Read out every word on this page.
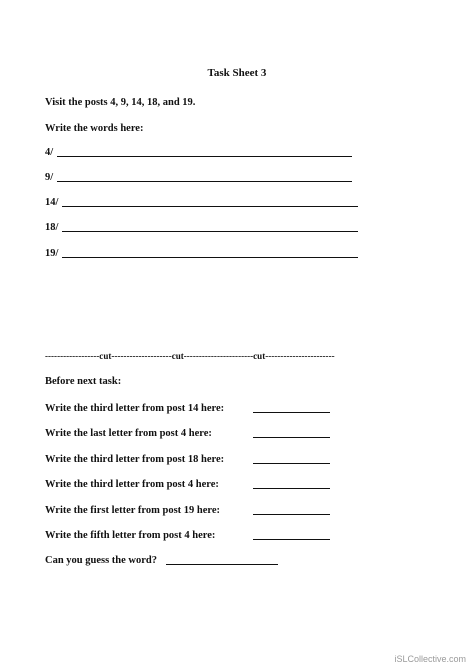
Task Sheet 3
Visit the posts 4, 9, 14, 18, and 19.
Write the words here:
4/
9/
14/
18/
19/
------------------cut--------------------cut-----------------------cut-----------------------
Before next task:
Write the third letter from post 14 here:
Write the last letter from post 4 here:
Write the third letter from post 18 here:
Write the third letter from post 4 here:
Write the first letter from post 19 here:
Write the fifth letter from post 4 here:
Can you guess the word?
iSLCollective.com
